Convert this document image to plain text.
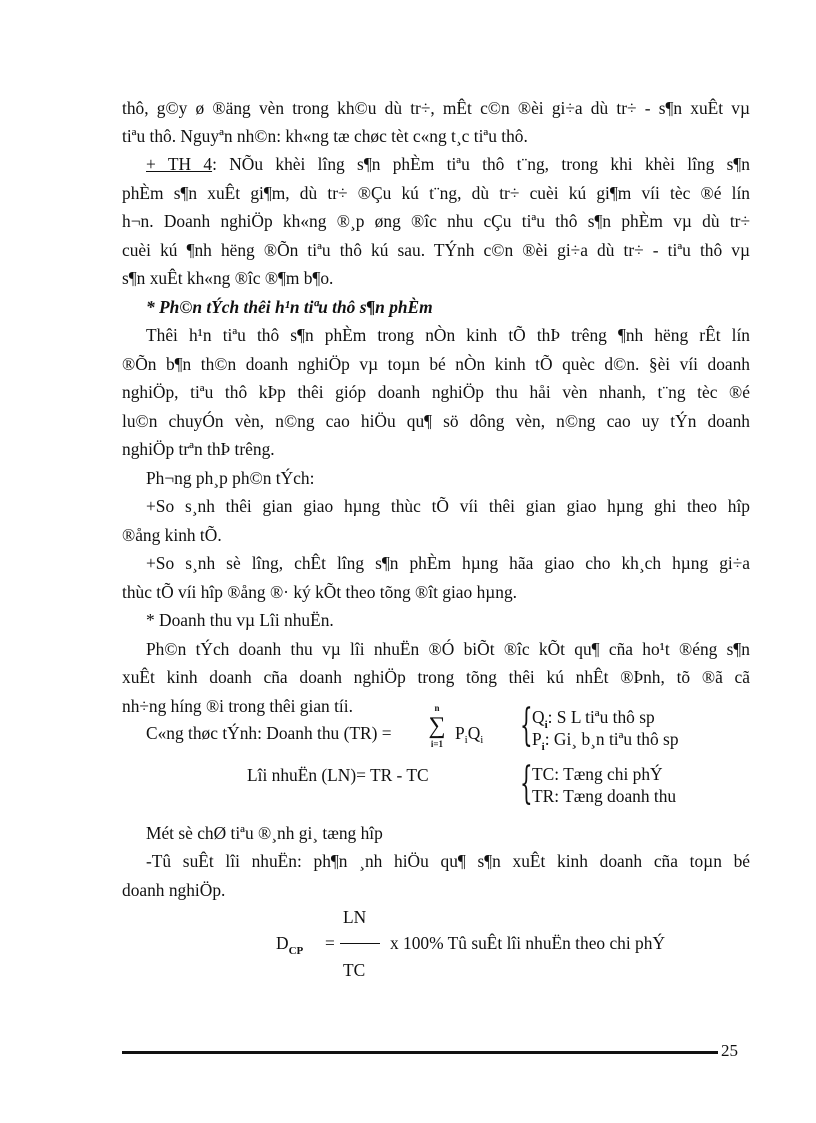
thô, g©y ø ®äng vèn trong kh©u dù tr÷, mÊt c©n ®èi gi÷a dù tr÷ - s¶n xuÊt vµ
tiªu thô. Nguyªn nh©n: kh«ng tæ chøc tèt c«ng t¸c tiªu thô.
+ TH 4: NÕu khèi lîng s¶n phÈm tiªu thô t¨ng, trong khi khèi lîng s¶n
phÈm s¶n xuÊt gi¶m, dù tr÷ ®Çu kú t¨ng, dù tr÷ cuèi kú gi¶m víi tèc ®é lín
h¬n. Doanh nghiÖp kh«ng ®¸p øng ®îc nhu cÇu tiªu thô s¶n phÈm vµ dù tr÷
cuèi kú ¶nh hëng ®Õn tiªu thô kú sau. TÝnh c©n ®èi gi÷a dù tr÷ - tiªu thô vµ
s¶n xuÊt kh«ng ®îc ®¶m b¶o.
* Ph©n tÝch thêi h¹n tiªu thô s¶n phÈm
Thêi h¹n tiªu thô s¶n phÈm trong nÒn kinh tÕ thÞ trêng ¶nh hëng rÊt lín
®Õn b¶n th©n doanh nghiÖp vµ toµn bé nÒn kinh tÕ quèc d©n. §èi víi doanh
nghiÖp, tiªu thô kÞp thêi gióp doanh nghiÖp thu håi vèn nhanh, t¨ng tèc ®é
lu©n chuyÓn vèn, n©ng cao hiÖu qu¶ sö dông vèn, n©ng cao uy tÝn doanh
nghiÖp trªn thÞ trêng.
Ph¬ng ph¸p ph©n tÝch:
+So s¸nh thêi gian giao hµng thùc tÕ víi thêi gian giao hµng ghi theo hîp
®ång kinh tÕ.
+So s¸nh sè lîng, chÊt lîng s¶n phÈm hµng hãa giao cho kh¸ch hµng gi÷a
thùc tÕ víi hîp ®ång ®· ký kÕt theo tõng ®ît giao hµng.
* Doanh thu vµ Lîi nhuËn.
Ph©n tÝch doanh thu vµ lîi nhuËn ®Ó biÕt ®îc kÕt qu¶ cña ho¹t ®éng s¶n
xuÊt kinh doanh cña doanh nghiÖp trong tõng thêi kú nhÊt ®Þnh, tõ ®ã cã
nh÷ng híng ®i trong thêi gian tíi.
C«ng thøc tÝnh: Doanh thu (TR) =
n
∑
i=1
$P_iQ_i$ { $Q_i$: S L tiªu thô sp
$P_i$: Gi¸ b¸n tiªu thô sp
Lîi nhuËn (LN)= TR - TC { TC: Tæng chi phÝ
TR: Tæng doanh thu
Mét sè chØ tiªu ®¸nh gi¸ tæng hîp
-Tû suÊt lîi nhuËn: ph¶n ¸nh hiÖu qu¶ s¶n xuÊt kinh doanh cña toµn bé
doanh nghiÖp.
LN
$D_{CP}$ =	x 100% Tû suÊt lîi nhuËn theo chi phÝ
TC
25
